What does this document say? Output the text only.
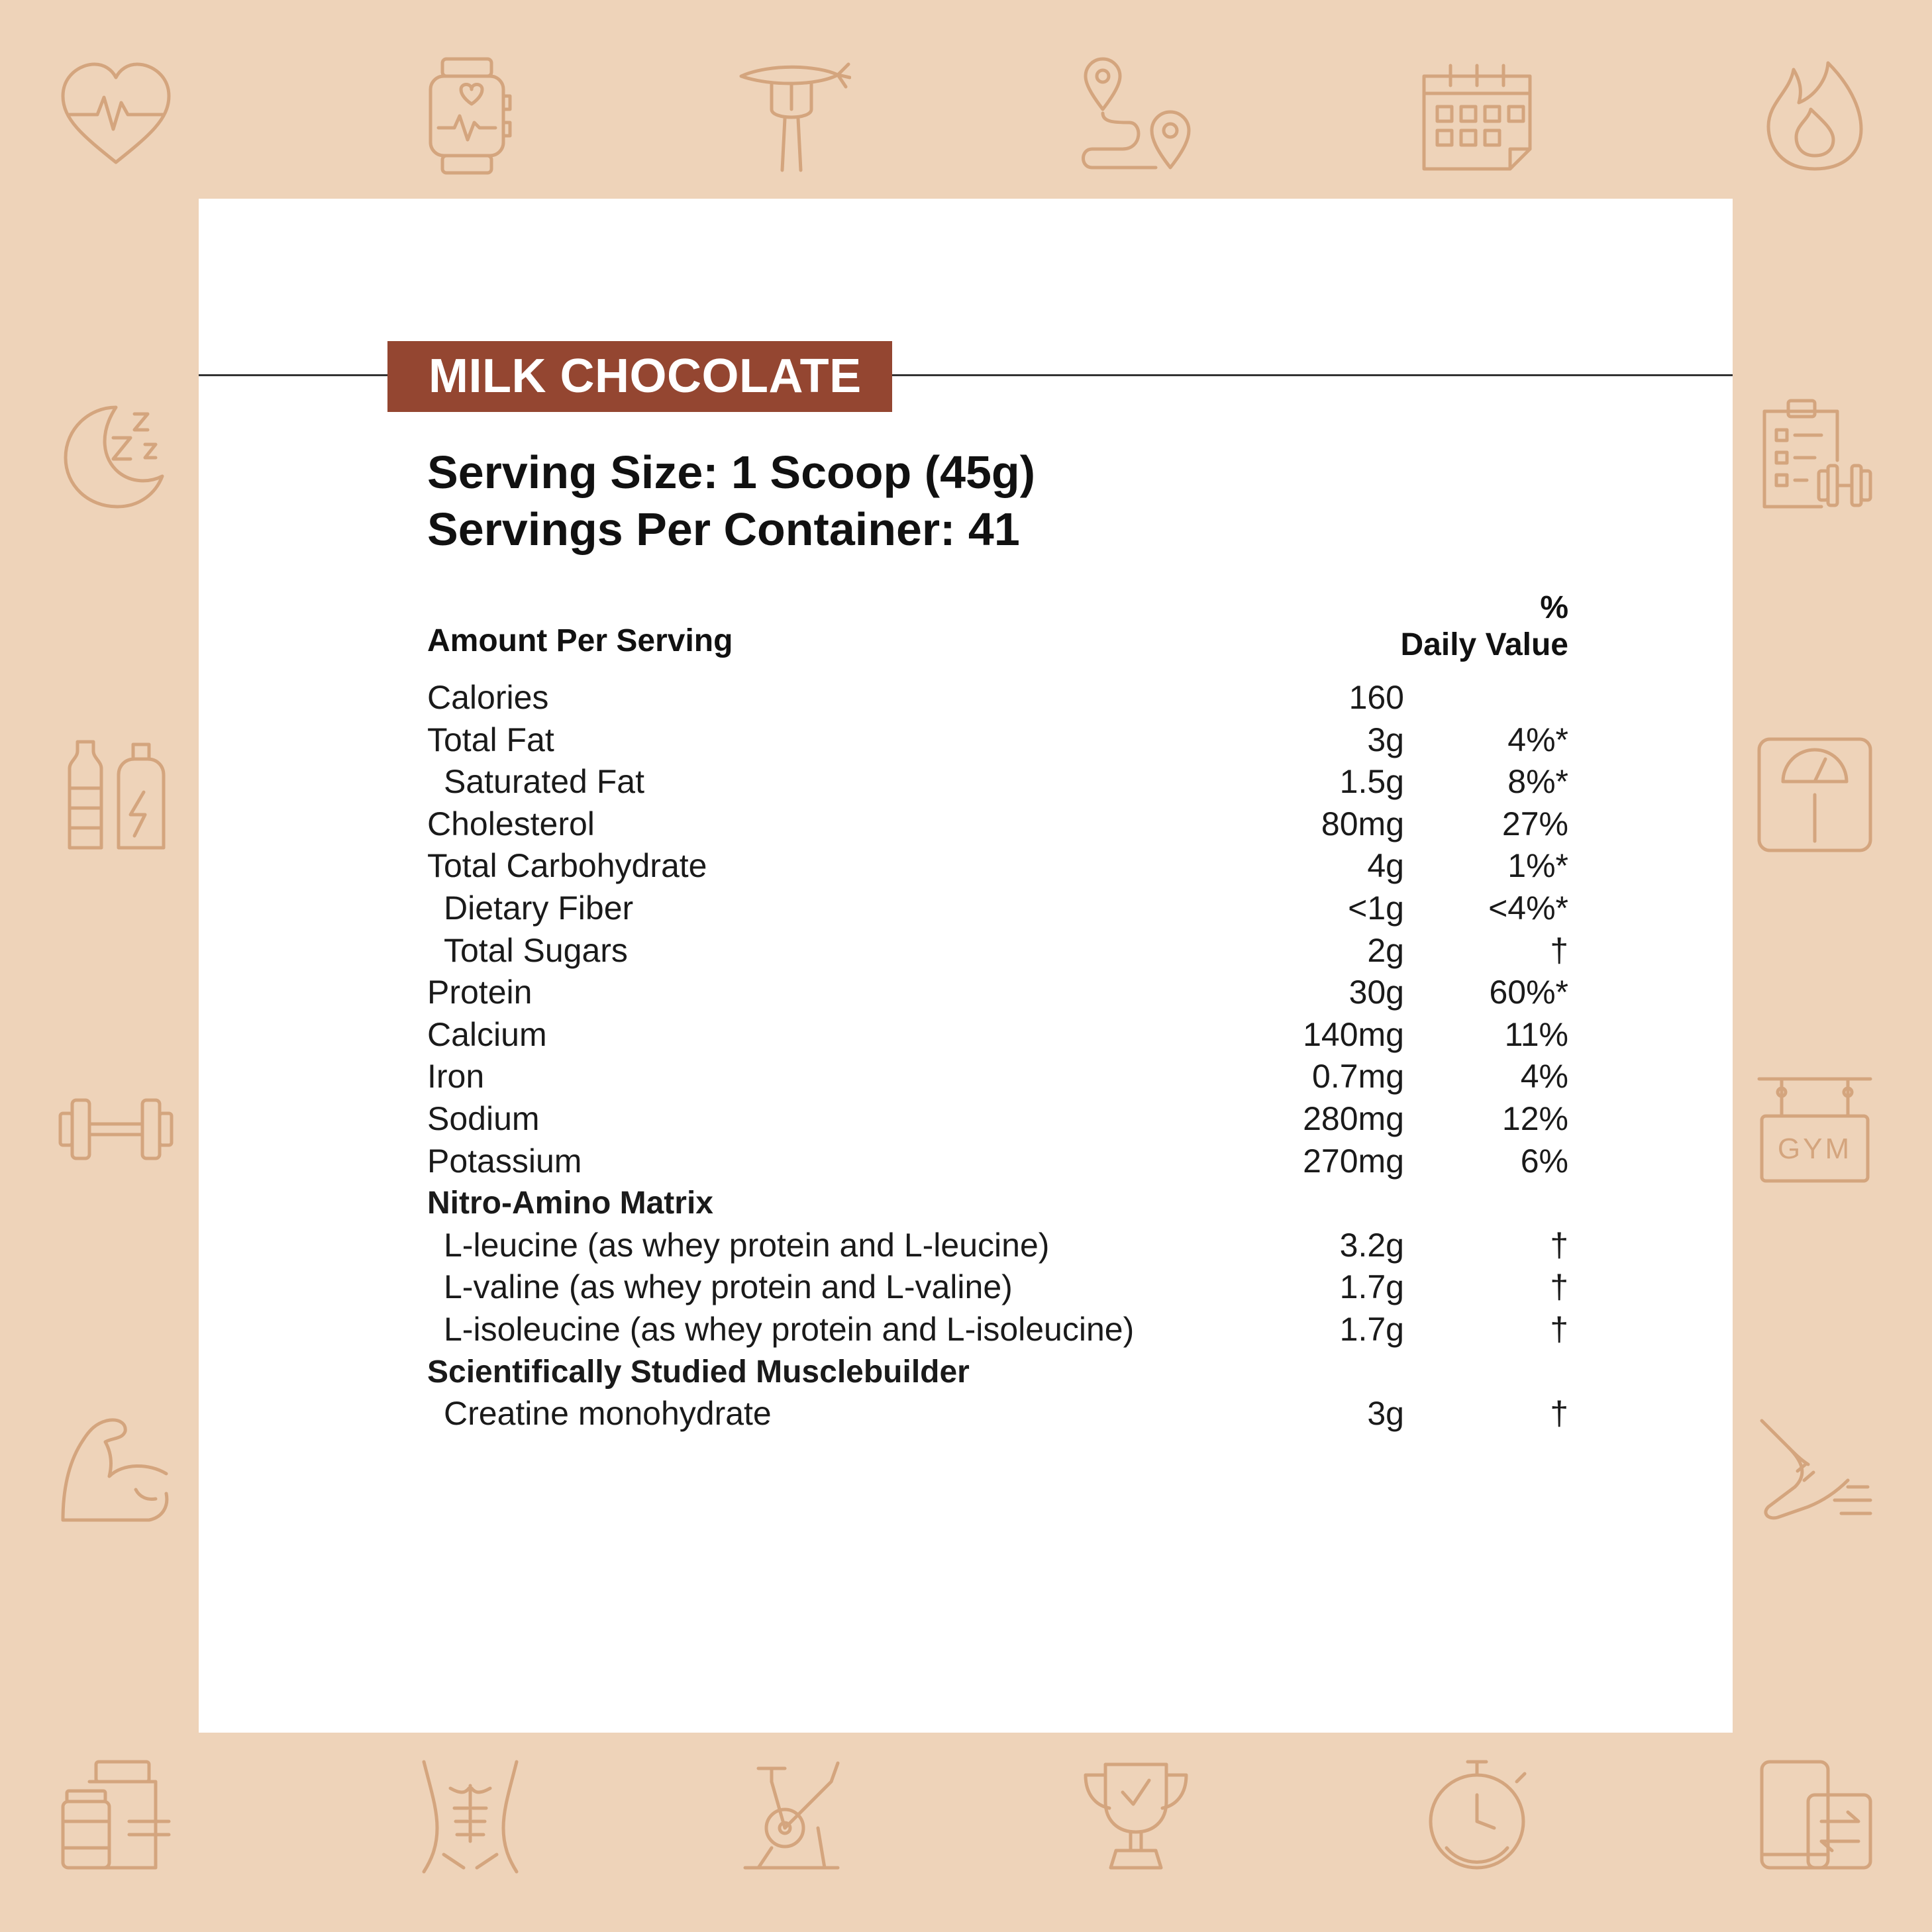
GYM
MILK CHOCOLATE
Serving Size: 1 Scoop (45g)
Servings Per Container: 41
Amount Per Serving
%
Daily Value
Calories	160
Total Fat	3g	4%*
Saturated Fat	1.5g	8%*
Cholesterol	80mg	27%
Total Carbohydrate	4g	1%*
Dietary Fiber	<1g	<4%*
Total Sugars	2g	†
Protein	30g	60%*
Calcium	140mg	11%
Iron	0.7mg	4%
Sodium	280mg	12%
Potassium	270mg	6%
Nitro-Amino Matrix
L-leucine (as whey protein and L-leucine)	3.2g	†
L-valine (as whey protein and L-valine)	1.7g	†
L-isoleucine (as whey protein and L-isoleucine)	1.7g	†
Scientifically Studied Musclebuilder
Creatine monohydrate	3g	†
